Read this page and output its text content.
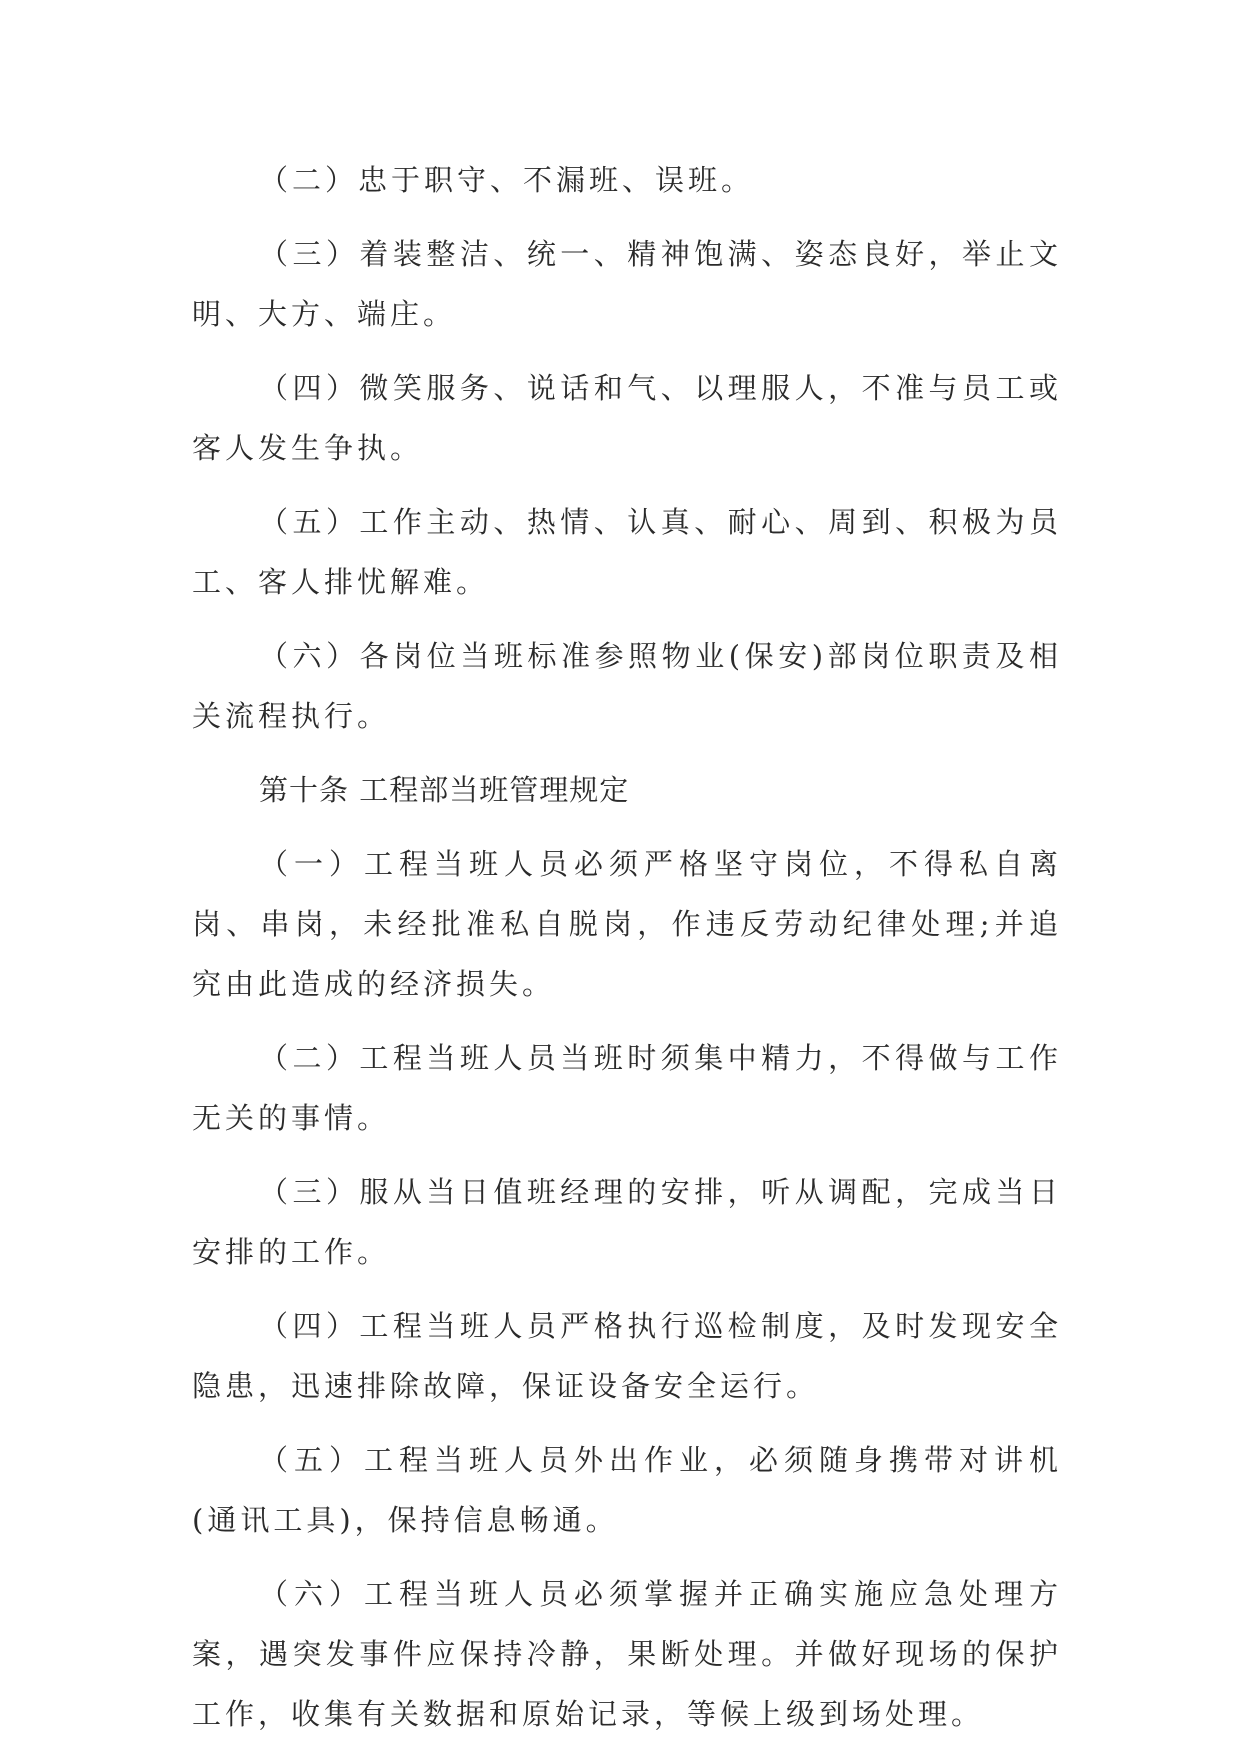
（二）忠于职守、不漏班、误班。

（三）着装整洁、统一、精神饱满、姿态良好，举止文明、大方、端庄。

（四）微笑服务、说话和气、以理服人，不准与员工或客人发生争执。

（五）工作主动、热情、认真、耐心、周到、积极为员工、客人排忧解难。

（六）各岗位当班标准参照物业(保安)部岗位职责及相关流程执行。

第十条 工程部当班管理规定

（一）工程当班人员必须严格坚守岗位，不得私自离岗、串岗，未经批准私自脱岗，作违反劳动纪律处理;并追究由此造成的经济损失。

（二）工程当班人员当班时须集中精力，不得做与工作无关的事情。

（三）服从当日值班经理的安排，听从调配，完成当日安排的工作。

（四）工程当班人员严格执行巡检制度，及时发现安全隐患，迅速排除故障，保证设备安全运行。

（五）工程当班人员外出作业，必须随身携带对讲机(通讯工具)，保持信息畅通。

（六）工程当班人员必须掌握并正确实施应急处理方案，遇突发事件应保持冷静，果断处理。并做好现场的保护工作，收集有关数据和原始记录，等候上级到场处理。
